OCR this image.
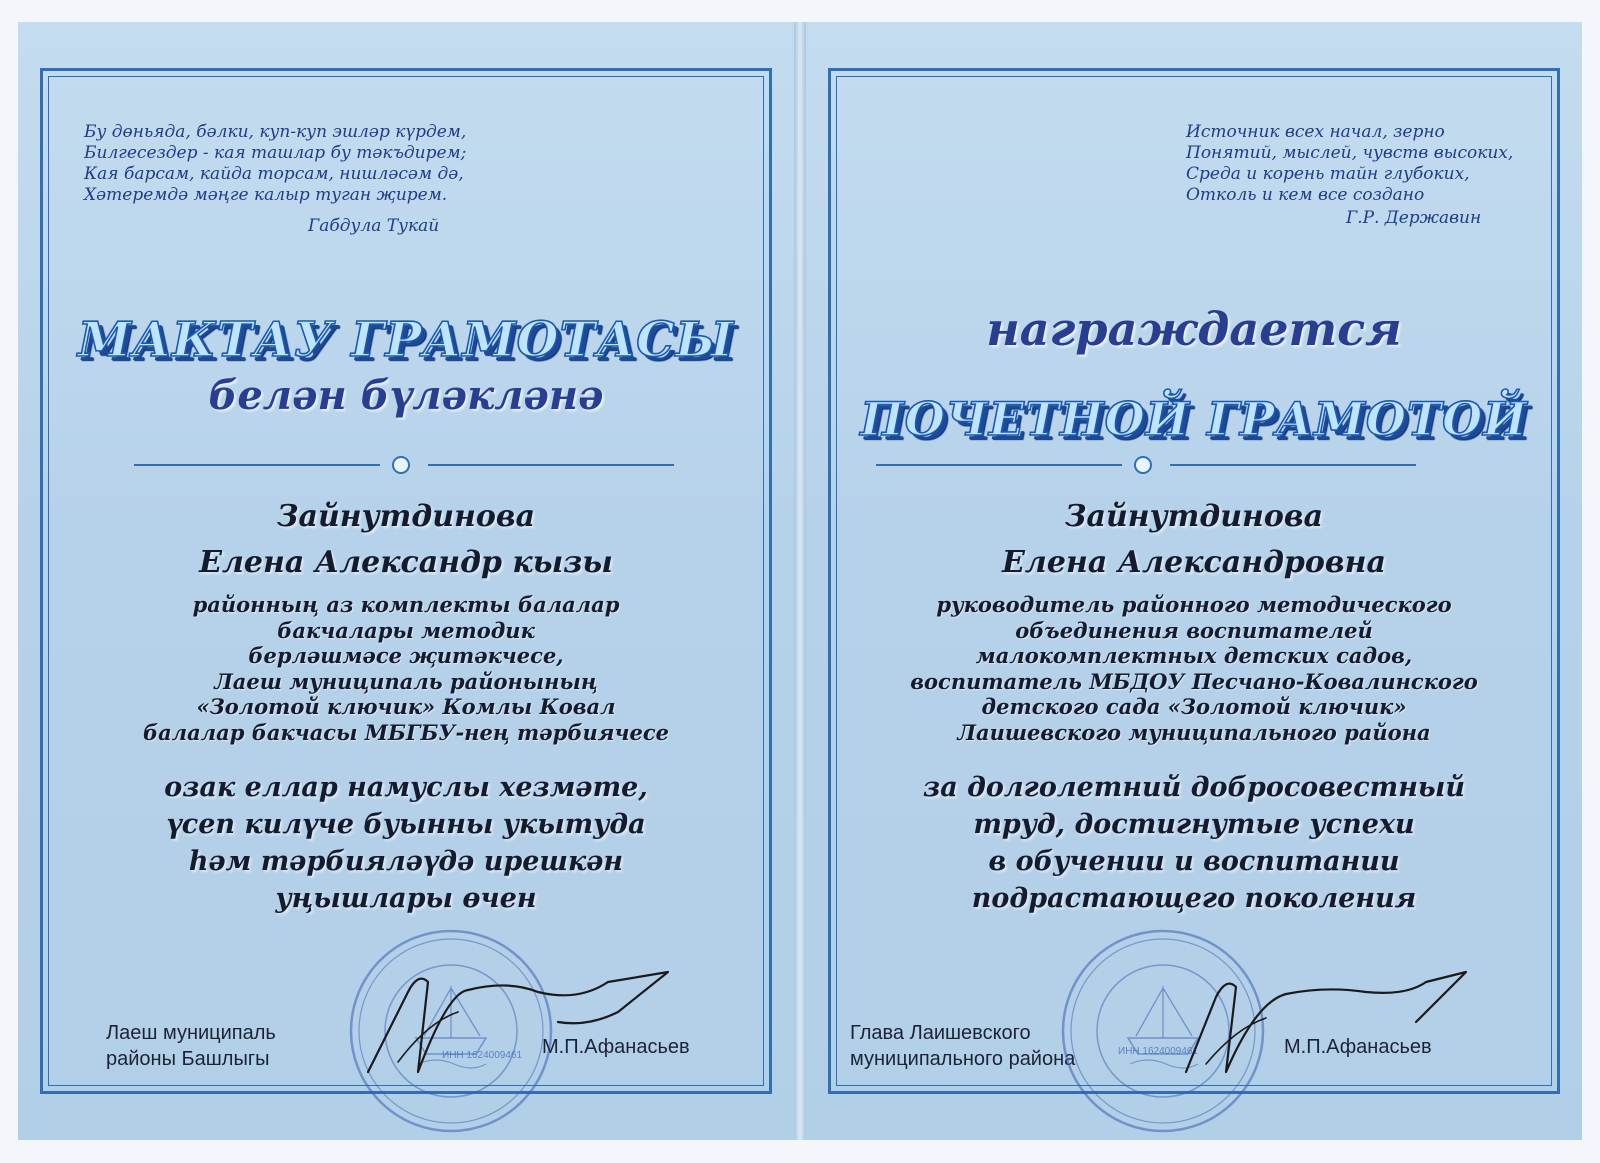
Бу дөньяда, бәлки, куп-куп эшләр күрдем,
Билгесездер - кая ташлар бу тәкъдирем;
Кая барсам, кайда торсам, нишләсәм дә,
Хәтеремдә мәңге калыр туган җирем.
Габдула Тукай
МАКТАУ ГРАМОТАСЫ
белән бүләкләнә
Зайнутдинова
Елена Александр кызы
районның аз комплекты балалар
бакчалары методик
берләшмәсе җитәкчесе,
Лаеш муниципаль районының
«Золотой ключик» Комлы Ковал
балалар бакчасы МБГБУ-нең тәрбиячесе
озак еллар намуслы хезмәте,
үсеп килүче буынны укытуда
һәм тәрбияләүдә ирешкән
уңышлары өчен
Лаеш муниципаль
районы Башлыгы	ИНН 1624009461 М.П.Афанасьев
Источник всех начал, зерно
Понятий, мыслей, чувств высоких,
Среда и корень тайн глубоких,
Отколь и кем все создано
Г.Р. Державин
награждается
ПОЧЕТНОЙ ГРАМОТОЙ
Зайнутдинова
Елена Александровна
руководитель районного методического
объединения воспитателей
малокомплектных детских садов,
воспитатель МБДОУ Песчано-Ковалинского
детского сада «Золотой ключик»
Лаишевского муниципального района
за долголетний добросовестный
труд, достигнутые успехи
в обучении и воспитании
подрастающего поколения
Глава Лаишевского
муниципального района	ИНН 1624009461	М.П.Афанасьев
